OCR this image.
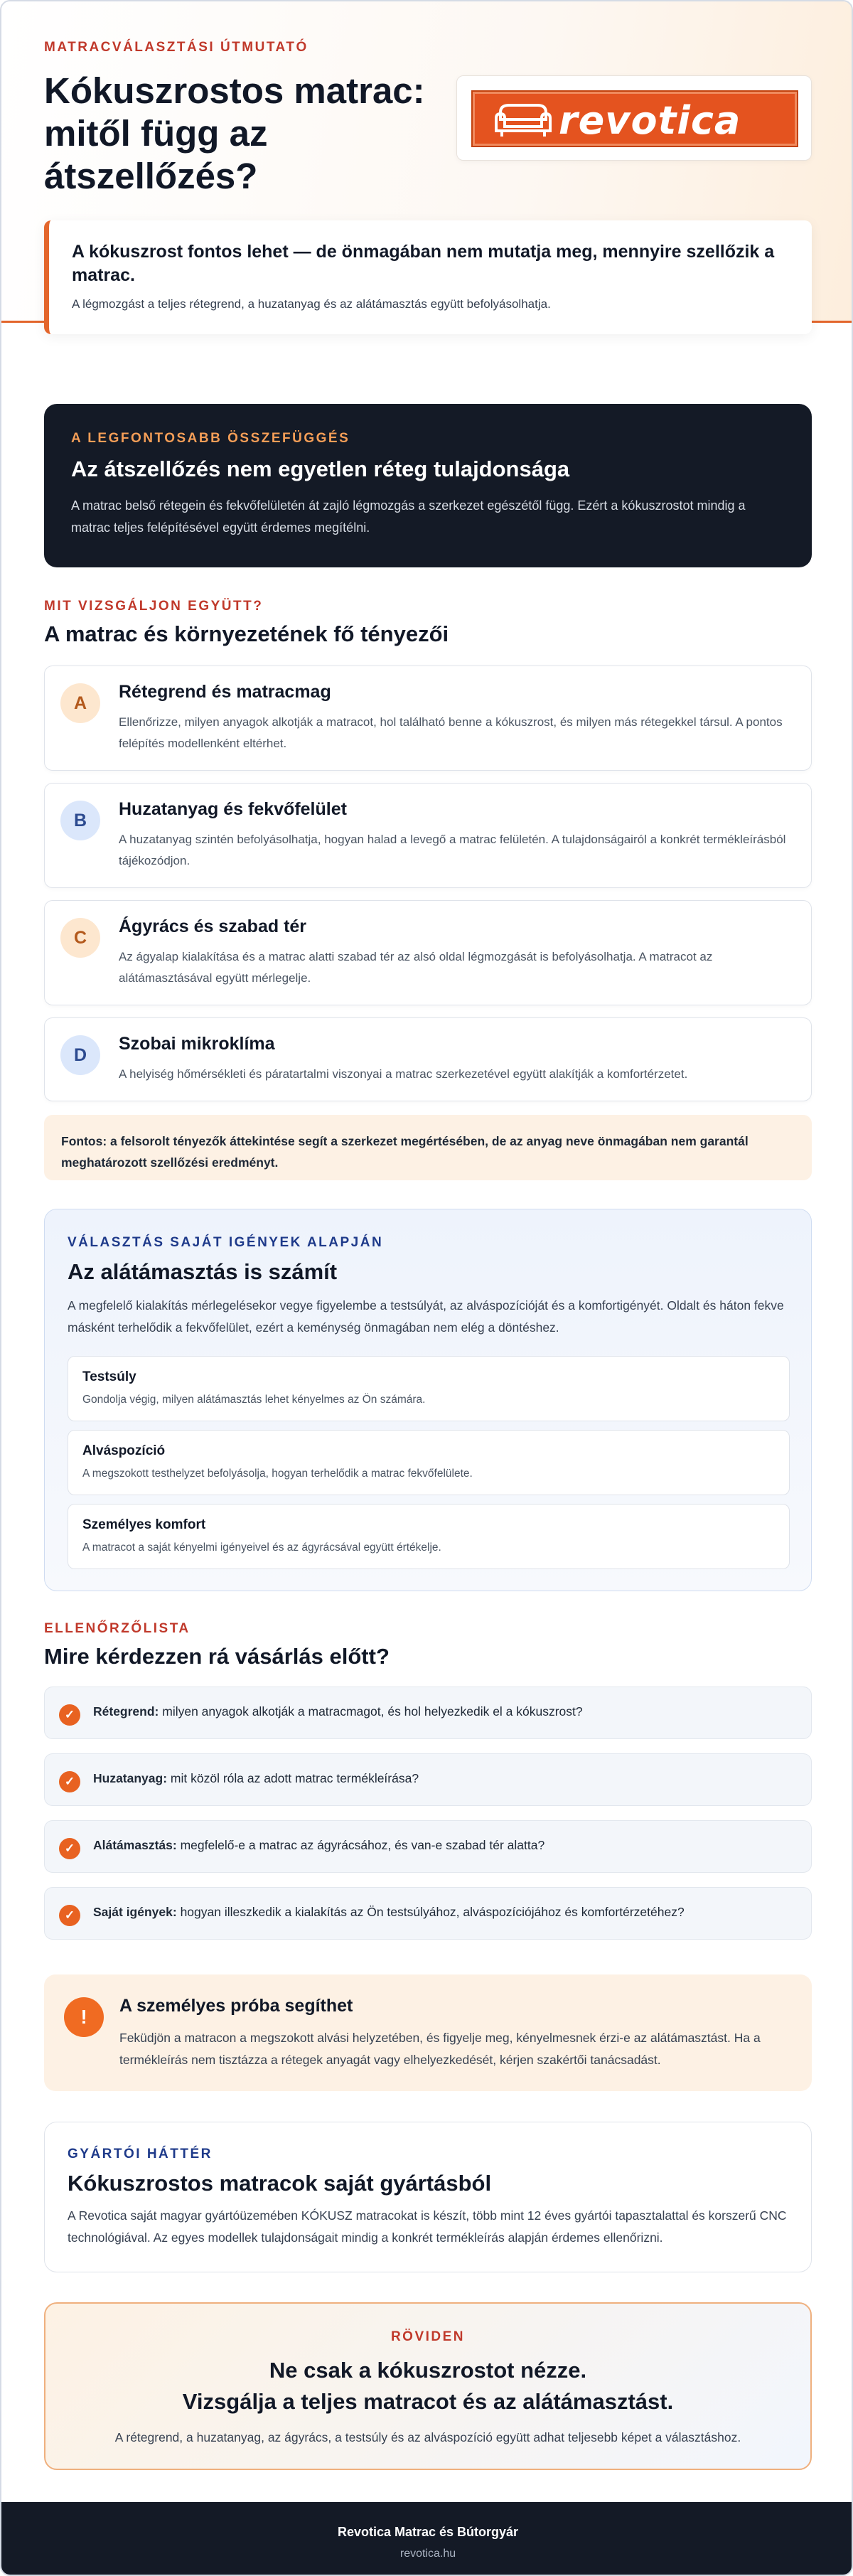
MATRACVÁLASZTÁSI ÚTMUTATÓ
Kókuszrostos matrac: mitől függ az átszellőzés?
revotica
A kókuszrost fontos lehet — de önmagában nem mutatja meg, mennyire szellőzik a matrac.

A légmozgást a teljes rétegrend, a huzatanyag és az alátámasztás együtt befolyásolhatja.

A LEGFONTOSABB ÖSSZEFÜGGÉS
Az átszellőzés nem egyetlen réteg tulajdonsága

A matrac belső rétegein és fekvőfelületén át zajló légmozgás a szerkezet egészétől függ. Ezért a kókuszrostot mindig a matrac teljes felépítésével együtt érdemes megítélni.

MIT VIZSGÁLJON EGYÜTT?
A matrac és környezetének fő tényezői
A
Rétegrend és matracmag

Ellenőrizze, milyen anyagok alkotják a matracot, hol található benne a kókuszrost, és milyen más rétegekkel társul. A pontos felépítés modellenként eltérhet.

B
Huzatanyag és fekvőfelület

A huzatanyag szintén befolyásolhatja, hogyan halad a levegő a matrac felületén. A tulajdonságairól a konkrét termékleírásból tájékozódjon.

C
Ágyrács és szabad tér

Az ágyalap kialakítása és a matrac alatti szabad tér az alsó oldal légmozgását is befolyásolhatja. A matracot az alátámasztásával együtt mérlegelje.

D
Szobai mikroklíma

A helyiség hőmérsékleti és páratartalmi viszonyai a matrac szerkezetével együtt alakítják a komfortérzetet.

Fontos: a felsorolt tényezők áttekintése segít a szerkezet megértésében, de az anyag neve önmagában nem garantál meghatározott szellőzési eredményt.
VÁLASZTÁS SAJÁT IGÉNYEK ALAPJÁN
Az alátámasztás is számít

A megfelelő kialakítás mérlegelésekor vegye figyelembe a testsúlyát, az alváspozícióját és a komfortigényét. Oldalt és háton fekve másként terhelődik a fekvőfelület, ezért a keménység önmagában nem elég a döntéshez.

Testsúly

Gondolja végig, milyen alátámasztás lehet kényelmes az Ön számára.

Alváspozíció

A megszokott testhelyzet befolyásolja, hogyan terhelődik a matrac fekvőfelülete.

Személyes komfort

A matracot a saját kényelmi igényeivel és az ágyrácsával együtt értékelje.

ELLENŐRZŐLISTA
Mire kérdezzen rá vásárlás előtt?
✓	Rétegrend: milyen anyagok alkotják a matracmagot, és hol helyezkedik el a kókuszrost?
✓	Huzatanyag: mit közöl róla az adott matrac termékleírása?
✓	Alátámasztás: megfelelő-e a matrac az ágyrácsához, és van-e szabad tér alatta?
✓	Saját igények: hogyan illeszkedik a kialakítás az Ön testsúlyához, alváspozíciójához és komfortérzetéhez?
!	A személyes próba segíthet

Feküdjön a matracon a megszokott alvási helyzetében, és figyelje meg, kényelmesnek érzi-e az alátámasztást. Ha a termékleírás nem tisztázza a rétegek anyagát vagy elhelyezkedését, kérjen szakértői tanácsadást.

GYÁRTÓI HÁTTÉR
Kókuszrostos matracok saját gyártásból

A Revotica saját magyar gyártóüzemében KÓKUSZ matracokat is készít, több mint 12 éves gyártói tapasztalattal és korszerű CNC technológiával. Az egyes modellek tulajdonságait mindig a konkrét termékleírás alapján érdemes ellenőrizni.

RÖVIDEN
Ne csak a kókuszrostot nézze.
Vizsgálja a teljes matracot és az alátámasztást.
A rétegrend, a huzatanyag, az ágyrács, a testsúly és az alváspozíció együtt adhat teljesebb képet a választáshoz.
Revotica Matrac és Bútorgyár
revotica.hu
